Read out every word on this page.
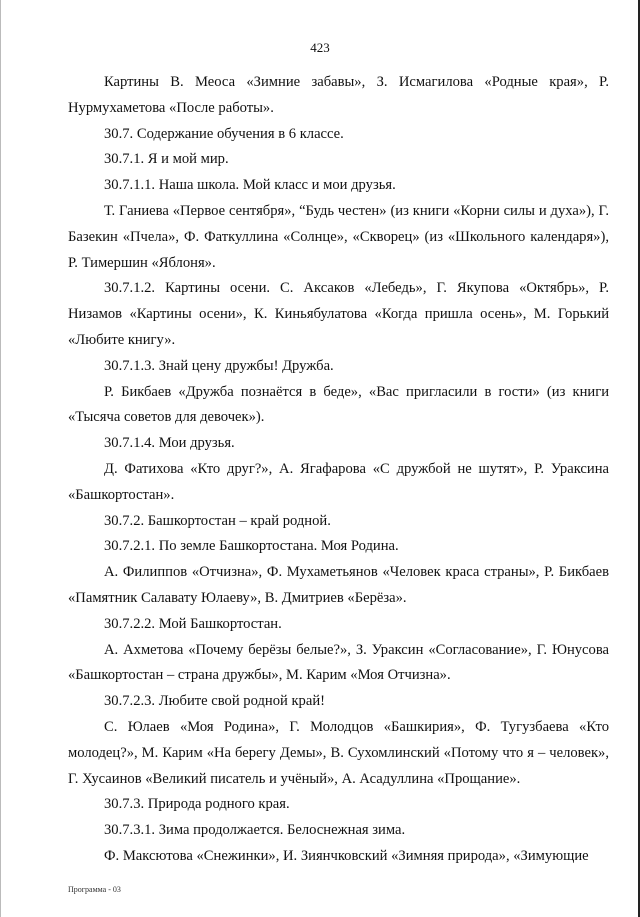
423

Картины В. Меоса «Зимние забавы», З. Исмагилова «Родные края», Р. Нурмухаметова «После работы».

30.7. Содержание обучения в 6 классе.

30.7.1. Я и мой мир.

30.7.1.1. Наша школа. Мой класс и мои друзья.

Т. Ганиева «Первое сентября», “Будь честен» (из книги «Корни силы и духа»), Г. Базекин «Пчела», Ф. Фаткуллина «Солнце», «Скворец» (из «Школьного календаря»), Р. Тимершин «Яблоня».

30.7.1.2. Картины осени. С. Аксаков «Лебедь», Г. Якупова «Октябрь», Р. Низамов «Картины осени», К. Киньябулатова «Когда пришла осень», М. Горький «Любите книгу».

30.7.1.3. Знай цену дружбы! Дружба.

Р. Бикбаев «Дружба познаётся в беде», «Вас пригласили в гости» (из книги «Тысяча советов для девочек»).

30.7.1.4. Мои друзья.

Д. Фатихова «Кто друг?», А. Ягафарова «С дружбой не шутят», Р. Ураксина «Башкортостан».

30.7.2. Башкортостан – край родной.

30.7.2.1. По земле Башкортостана. Моя Родина.

А. Филиппов «Отчизна», Ф. Мухаметьянов «Человек краса страны», Р. Бикбаев «Памятник Салавату Юлаеву», В. Дмитриев «Берёза».

30.7.2.2. Мой Башкортостан.

А. Ахметова «Почему берёзы белые?», З. Ураксин «Согласование», Г. Юнусова «Башкортостан – страна дружбы», М. Карим «Моя Отчизна».

30.7.2.3. Любите свой родной край!

С. Юлаев «Моя Родина», Г. Молодцов «Башкирия», Ф. Тугузбаева «Кто молодец?», М. Карим «На берегу Демы», В. Сухомлинский «Потому что я – человек», Г. Хусаинов «Великий писатель и учёный», А. Асадуллина «Прощание».

30.7.3. Природа родного края.

30.7.3.1. Зима продолжается. Белоснежная зима.

Ф. Максютова «Снежинки», И. Зиянчковский «Зимняя природа», «Зимующие

Программа - 03
